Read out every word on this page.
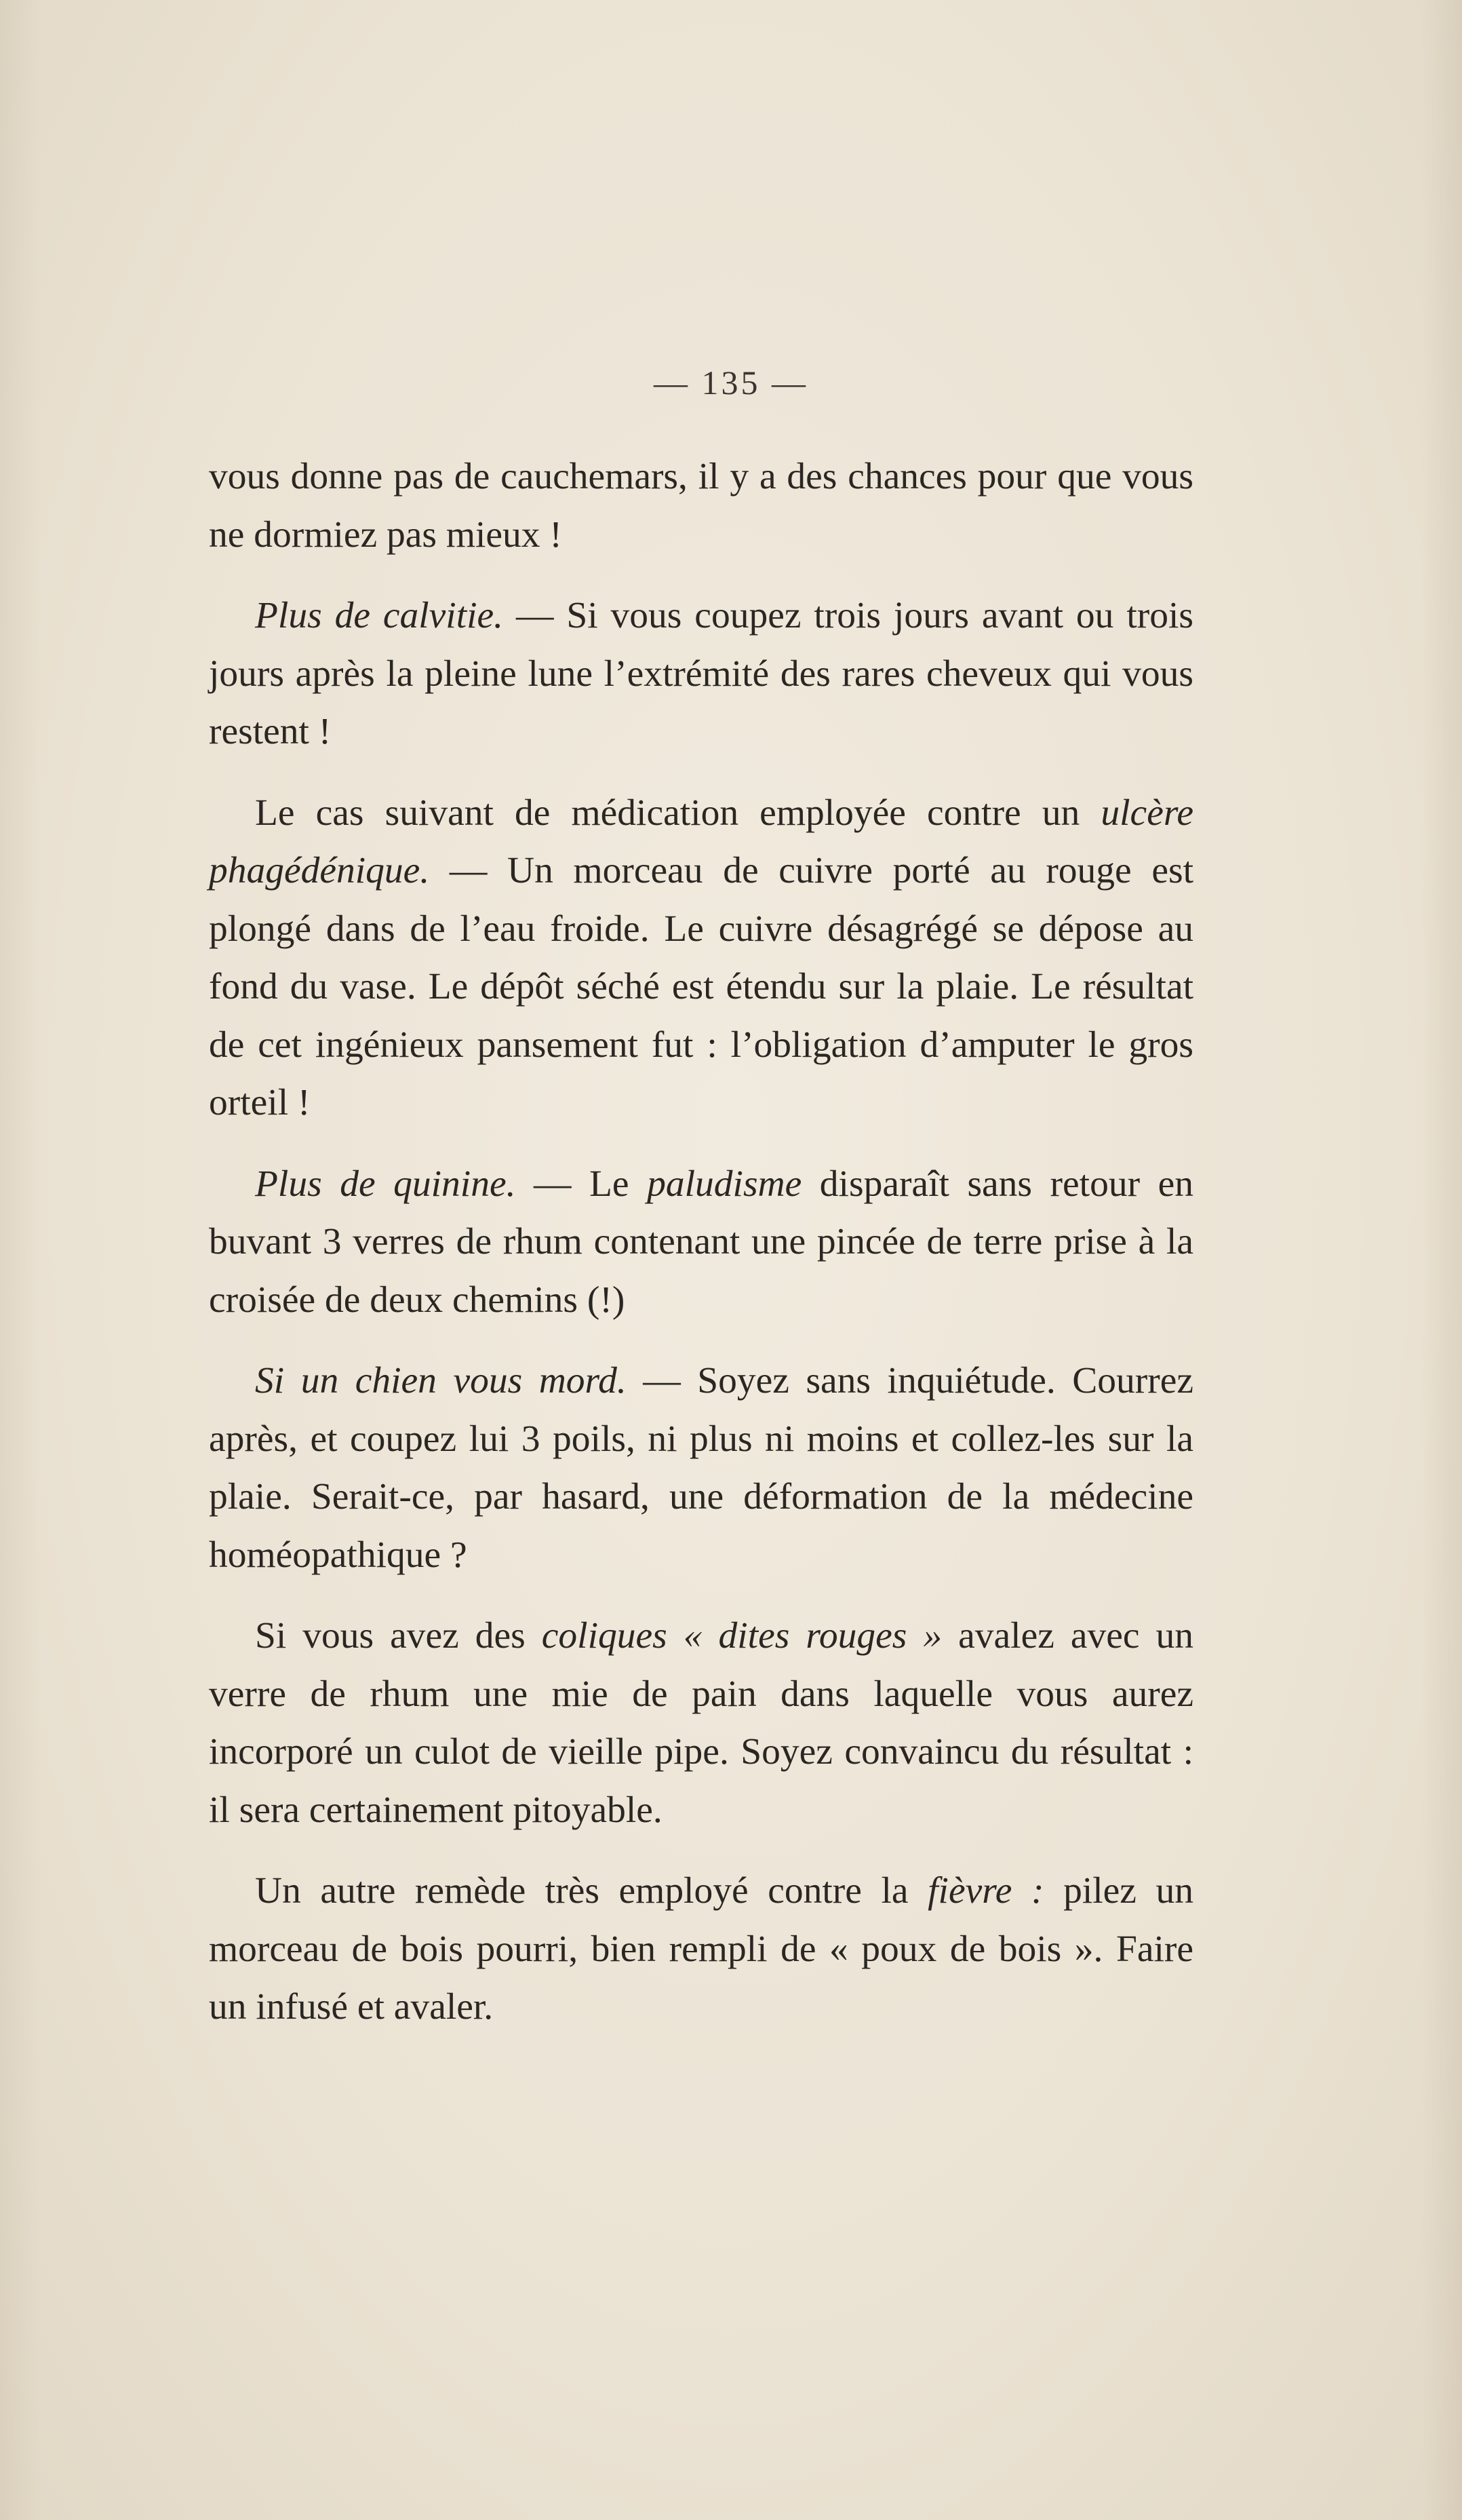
— 135 —

vous donne pas de cauchemars, il y a des chances pour que vous ne dormiez pas mieux !

Plus de calvitie. — Si vous coupez trois jours avant ou trois jours après la pleine lune l’extrémité des rares cheveux qui vous restent !

Le cas suivant de médication employée contre un ulcère phagédénique. — Un morceau de cuivre porté au rouge est plongé dans de l’eau froide. Le cuivre désagrégé se dépose au fond du vase. Le dépôt séché est étendu sur la plaie. Le résultat de cet ingénieux pansement fut : l’obligation d’amputer le gros orteil !

Plus de quinine. — Le paludisme disparaît sans retour en buvant 3 verres de rhum contenant une pincée de terre prise à la croisée de deux chemins (!)

Si un chien vous mord. — Soyez sans inquiétude. Courrez après, et coupez lui 3 poils, ni plus ni moins et collez-les sur la plaie. Serait-ce, par hasard, une déformation de la médecine homéopathique ?

Si vous avez des coliques « dites rouges » avalez avec un verre de rhum une mie de pain dans laquelle vous aurez incorporé un culot de vieille pipe. Soyez convaincu du résultat : il sera certainement pitoyable.

Un autre remède très employé contre la fièvre : pilez un morceau de bois pourri, bien rempli de « poux de bois ». Faire un infusé et avaler.
